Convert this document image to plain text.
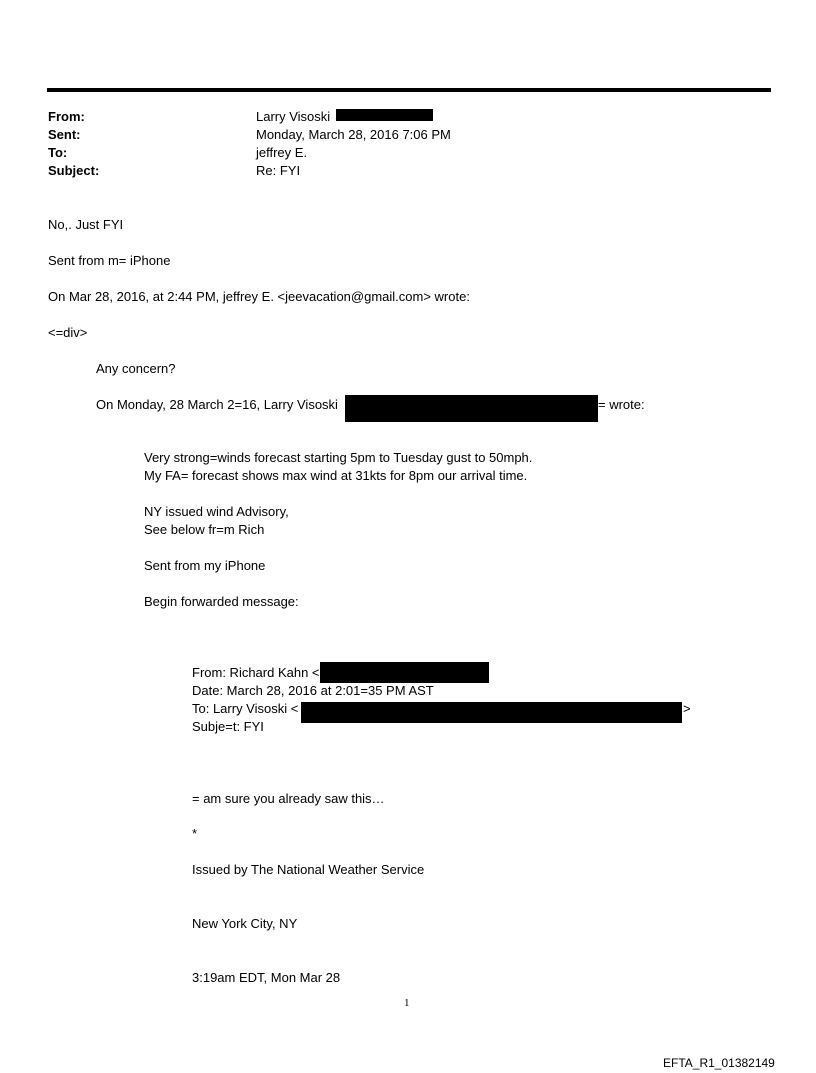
From:
Sent:
To:
Subject:
Larry Visoski
Monday, March 28, 2016 7:06 PM
jeffrey E.
Re: FYI
No,. Just FYI
Sent from m= iPhone
On Mar 28, 2016, at 2:44 PM, jeffrey E. <jeevacation@gmail.com> wrote:
<=div>
Any concern?
On Monday, 28 March 2=16, Larry Visoski	= wrote:
Very strong=winds forecast starting 5pm to Tuesday gust to 50mph.
My FA= forecast shows max wind at 31kts for 8pm our arrival time.
NY issued wind Advisory,
See below fr=m Rich
Sent from my iPhone
Begin forwarded message:
From: Richard Kahn <
Date: March 28, 2016 at 2:01=35 PM AST
To: Larry Visoski <	>
Subje=t: FYI
= am sure you already saw this…
*
Issued by The National Weather Service
New York City, NY
3:19am EDT, Mon Mar 28
1
EFTA_R1_01382149
